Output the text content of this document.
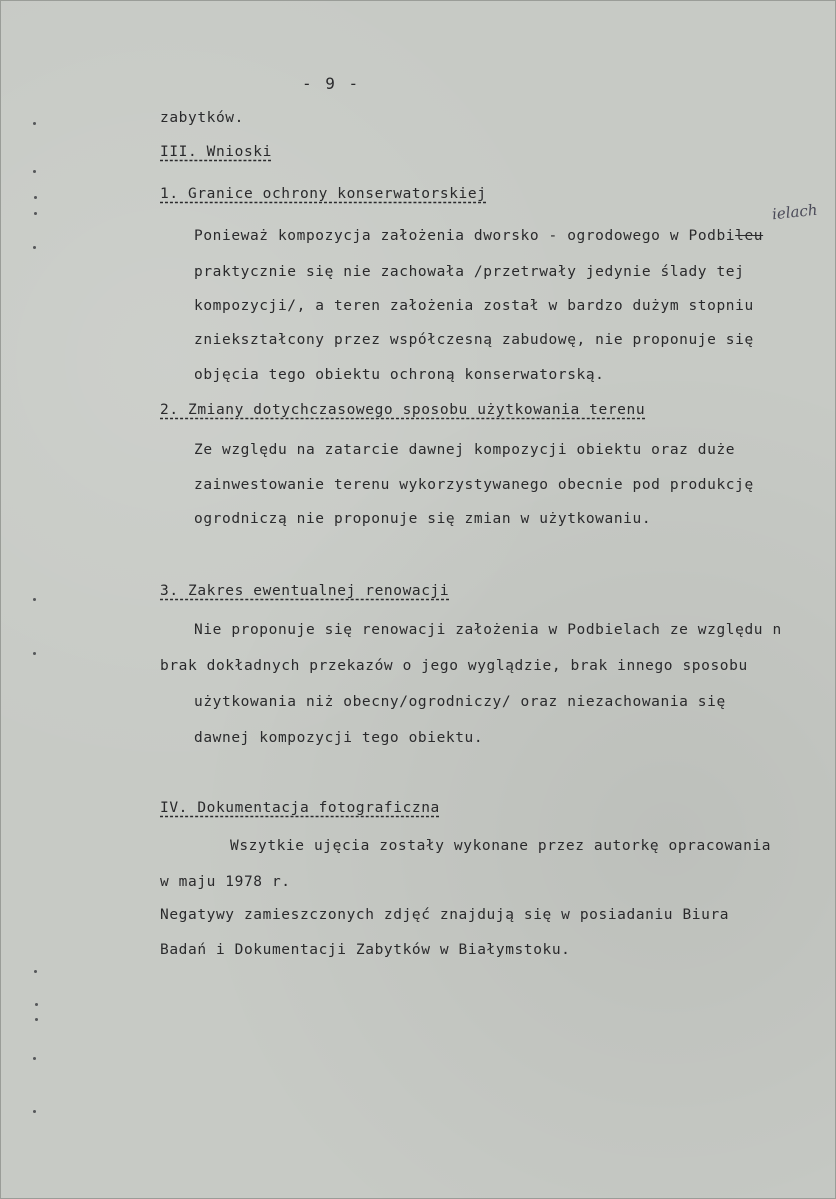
- 9 -
zabytków.
III. Wnioski
1. Granice ochrony konserwatorskiej
ielach
Ponieważ kompozycja założenia dworsko - ogrodowego w Podbileu
praktycznie się nie zachowała /przetrwały jedynie ślady tej
kompozycji/, a teren założenia został w bardzo dużym stopniu
zniekształcony przez współczesną zabudowę, nie proponuje się
objęcia tego obiektu ochroną konserwatorską.
2. Zmiany dotychczasowego sposobu użytkowania terenu
Ze względu na zatarcie dawnej kompozycji obiektu oraz duże
zainwestowanie terenu wykorzystywanego obecnie pod produkcję
ogrodniczą nie proponuje się zmian w użytkowaniu.
3. Zakres ewentualnej renowacji
Nie proponuje się renowacji założenia w Podbielach ze względu n
brak dokładnych przekazów o jego wyglądzie, brak innego sposobu
użytkowania niż obecny/ogrodniczy/ oraz niezachowania się
dawnej kompozycji tego obiektu.
IV. Dokumentacja fotograficzna
Wszytkie ujęcia zostały wykonane przez autorkę opracowania
w maju 1978 r.
Negatywy zamieszczonych zdjęć znajdują się w posiadaniu Biura
Badań i Dokumentacji Zabytków w Białymstoku.
